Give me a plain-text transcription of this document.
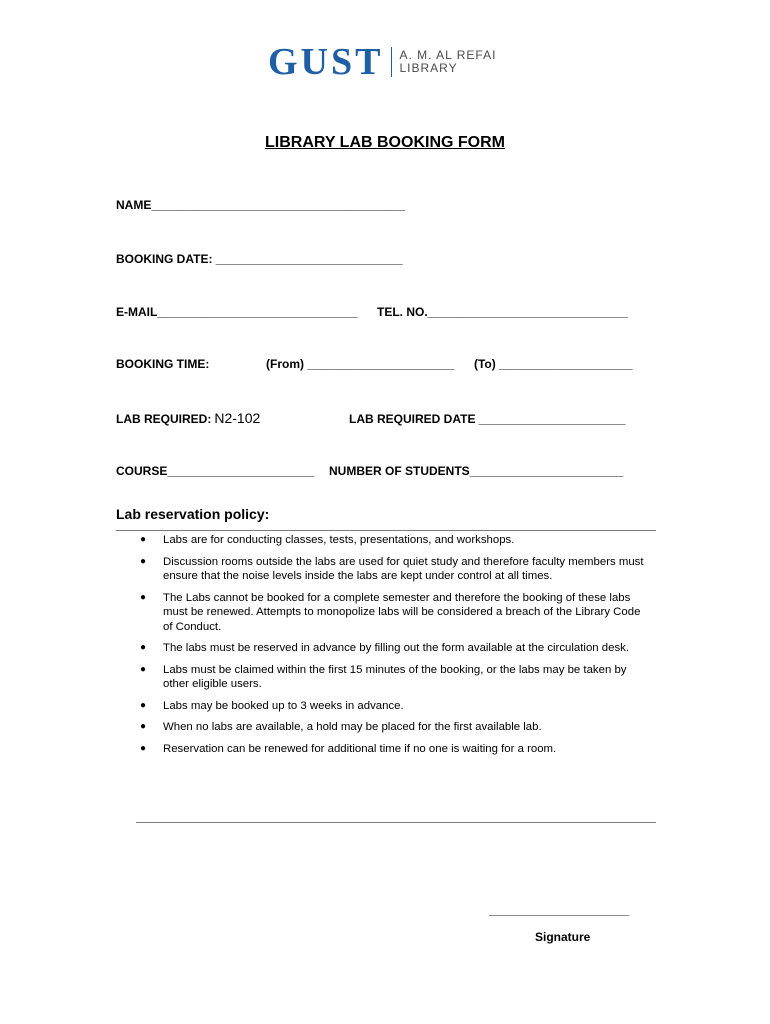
GUST A. M. AL REFAI
LIBRARY
LIBRARY LAB BOOKING FORM
NAME______________________________________
BOOKING DATE: ____________________________
E-MAIL______________________________ TEL. NO.______________________________
BOOKING TIME:	(From) ______________________ (To) ____________________
LAB REQUIRED: N2-102	LAB REQUIRED DATE ______________________
COURSE______________________ NUMBER OF STUDENTS_______________________
Lab reservation policy:
● Labs are for conducting classes, tests, presentations, and workshops.
● Discussion rooms outside the labs are used for quiet study and therefore faculty members must ensure that the noise levels inside the labs are kept under control at all times.
● The Labs cannot be booked for a complete semester and therefore the booking of these labs must be renewed. Attempts to monopolize labs will be considered a breach of the Library Code of Conduct.
● The labs must be reserved in advance by filling out the form available at the circulation desk.
● Labs must be claimed within the first 15 minutes of the booking, or the labs may be taken by other eligible users.
● Labs may be booked up to 3 weeks in advance.
● When no labs are available, a hold may be placed for the first available lab.
● Reservation can be renewed for additional time if no one is waiting for a room.
_____________________
Signature
